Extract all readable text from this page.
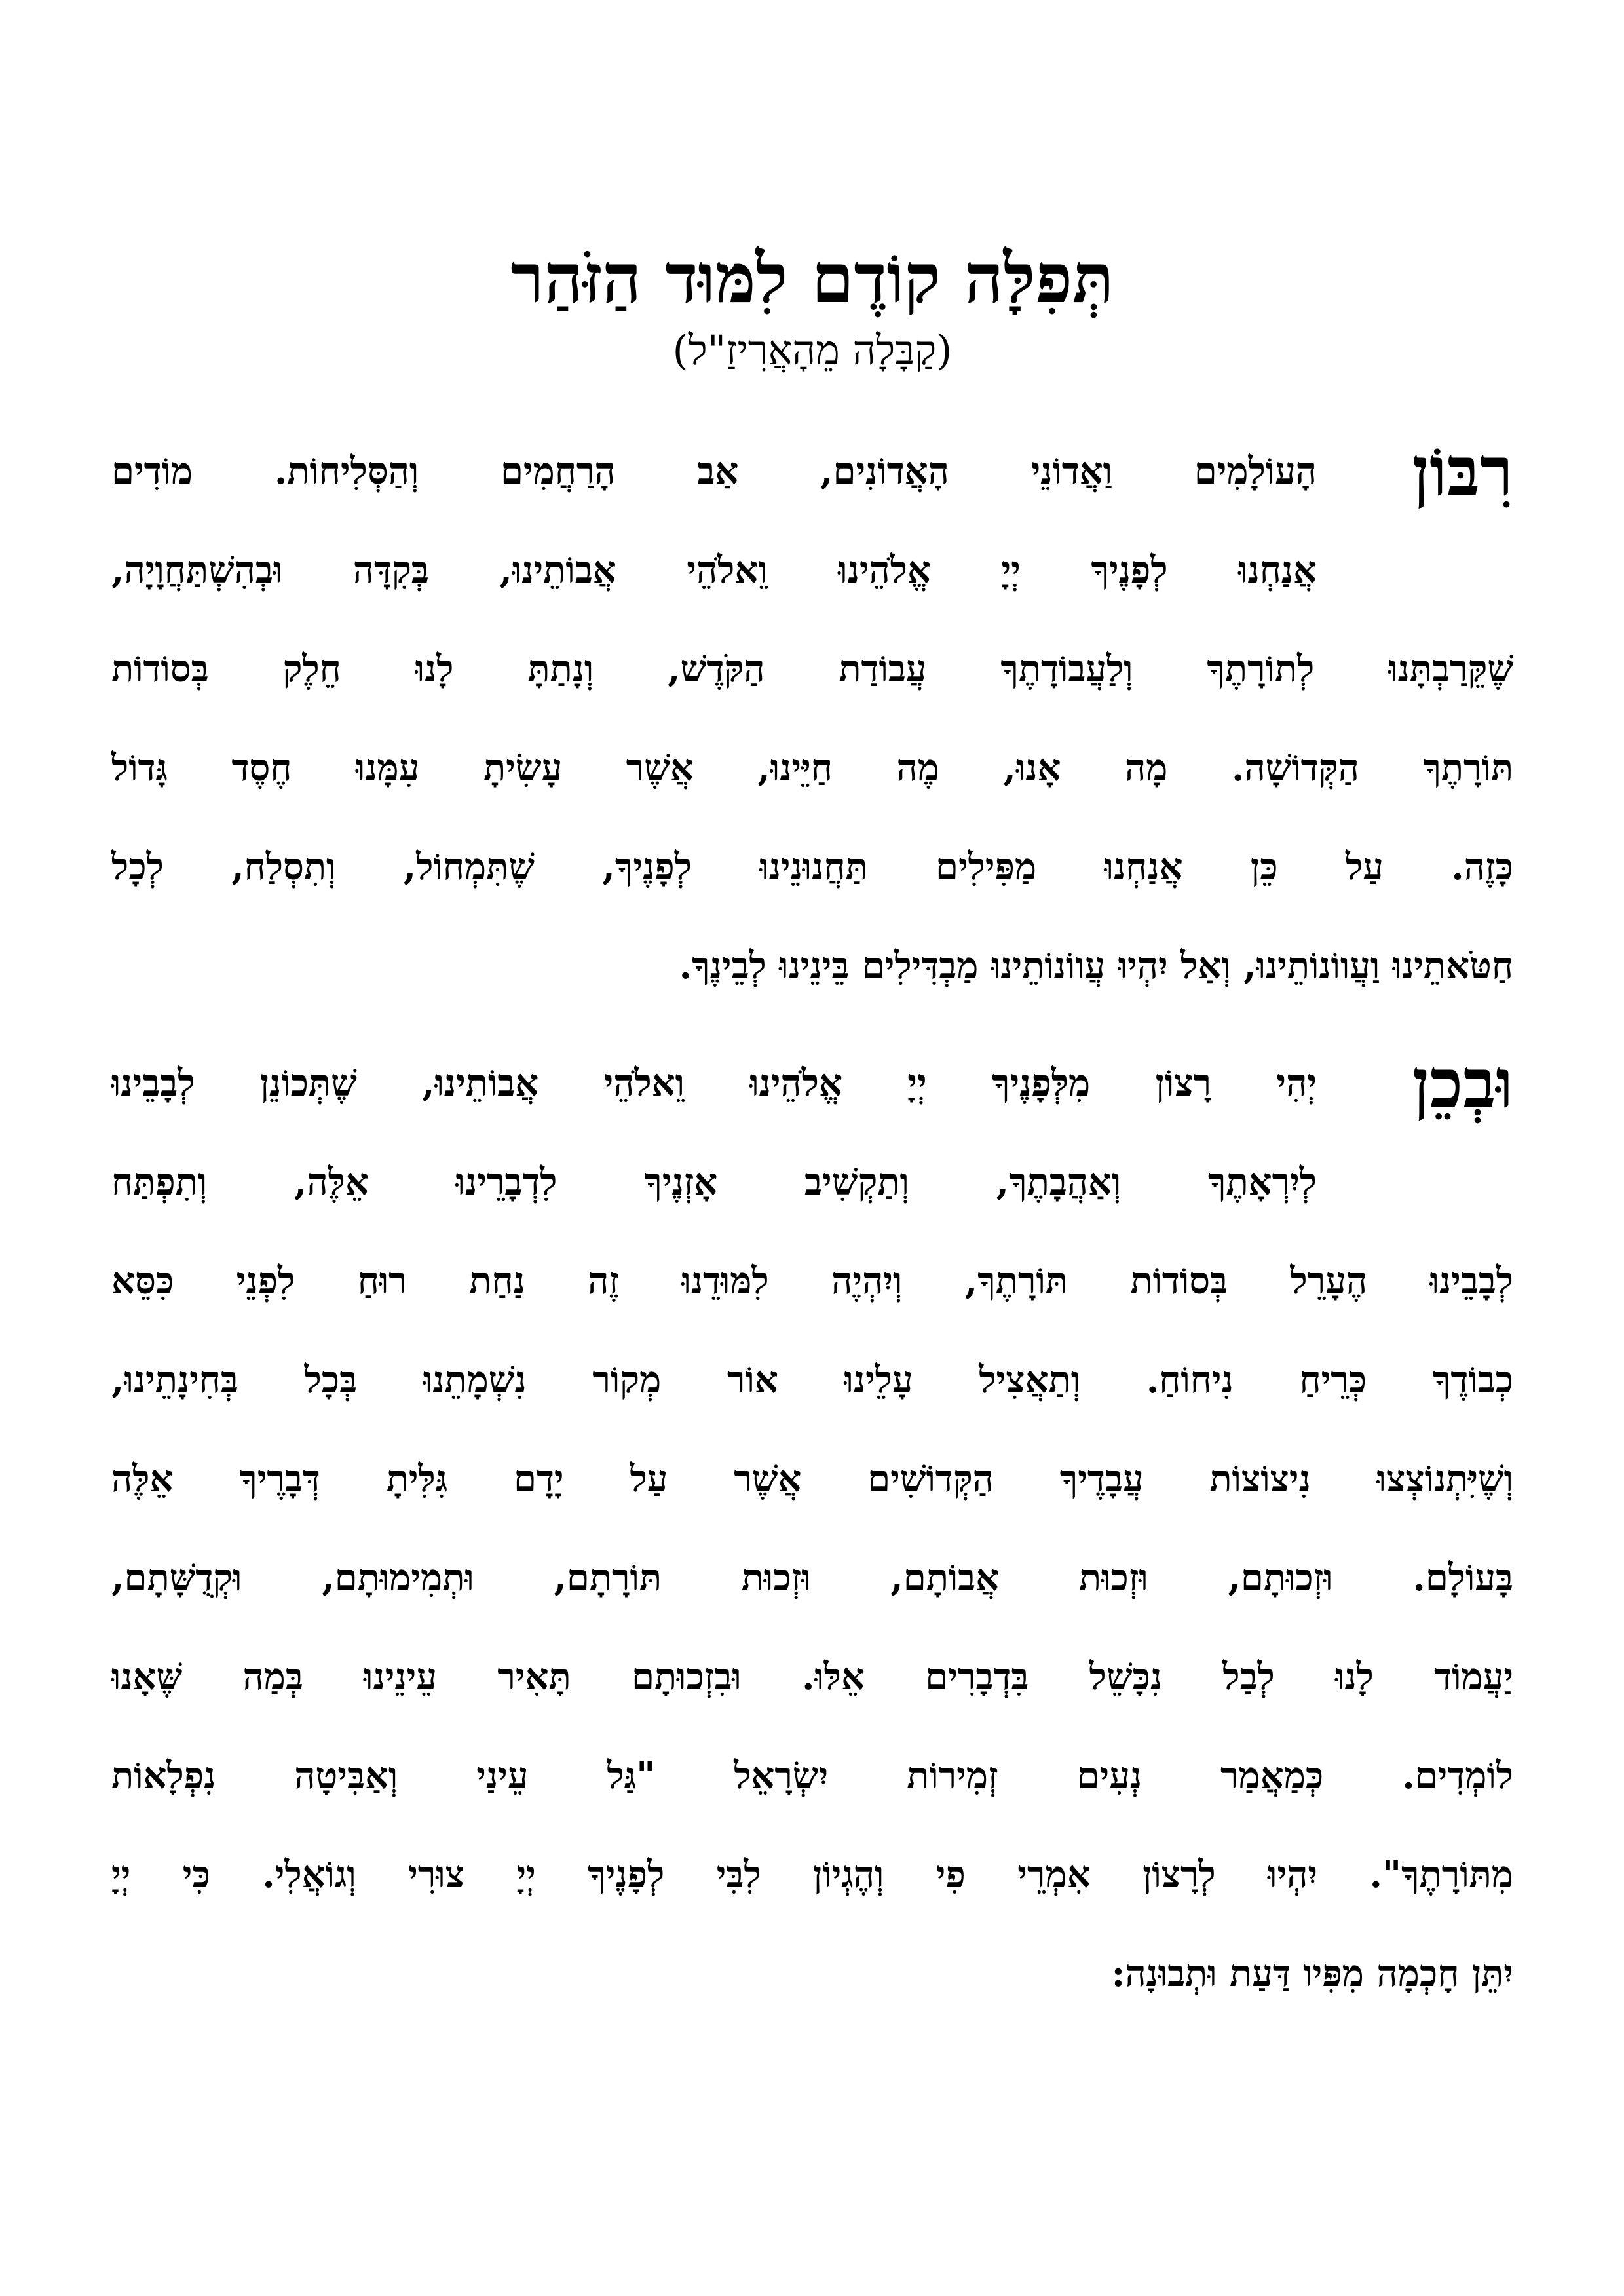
תְּפִלָּה קוֹדֶם לִמּוּד הַזֹּהַר
(קַבָּלָה מֵהָאֲרִיזַ"ל)
רִבּוֹן
הָעוֹלָמִים וַאֲדוֹנֵי הָאֲדוֹנִים, אַב הָרַחֲמִים וְהַסְּלִיחוֹת. מוֹדִים
אֲנַחְנוּ לְפָנֶיךָ יְיָ אֱלֹהֵינוּ וֵאלֹהֵי אֲבוֹתֵינוּ, בְּקִדָּה וּבְהִשְׁתַּחֲוָיָה,
שֶׁקֵּרַבְתָּנוּ לְתוֹרָתֶךָ וְלַעֲבוֹדָתֶךָ עֲבוֹדַת הַקֹּדֶשׁ, וְנָתַתָּ לָנוּ חֵלֶק בְּסוֹדוֹת
תּוֹרָתֶךָ הַקְּדוֹשָׁה. מָה אָנוּ, מֶה חַיֵּינוּ, אֲשֶׁר עָשִׂיתָ עִמָּנוּ חֶסֶד גָּדוֹל
כָּזֶה. עַל כֵּן אֲנַחְנוּ מַפִּילִים תַּחֲנוּנֵינוּ לְפָנֶיךָ, שֶׁתִּמְחוֹל, וְתִסְלַח, לְכָל
חַטֹּאתֵינוּ וַעֲווֹנוֹתֵינוּ, וְאַל יִהְיוּ עֲווֹנוֹתֵינוּ מַבְדִּילִים בֵּינֵינוּ לְבֵינֶךָ.
וּבְכֵן
יְהִי רָצוֹן מִלְּפָנֶיךָ יְיָ אֱלֹהֵינוּ וֵאלֹהֵי אֲבוֹתֵינוּ, שֶׁתְּכוֹנֵן לְבָבֵינוּ
לְיִרְאָתֶךָ וְאַהֲבָתֶךָ, וְתַקְשִׁיב אָזְנֶיךָ לִדְבָרֵינוּ אֵלֶּה, וְתִפְתַּח
לְבָבֵינוּ הֶעָרֵל בְּסוֹדוֹת תּוֹרָתֶךָ, וְיִהְיֶה לִמּוּדֵנוּ זֶה נַחַת רוּחַ לִפְנֵי כִּסֵּא
כְבוֹדֶךָ כְּרֵיחַ נִיחוֹחַ. וְתַאֲצִיל עָלֵינוּ אוֹר מְקוֹר נִשְׁמָתֵנוּ בְּכָל בְּחִינָתֵינוּ,
וְשֶׁיִּתְנוֹצְצוּ נִיצוֹצוֹת עֲבָדֶיךָ הַקְּדוֹשִׁים אֲשֶׁר עַל יָדָם גִּלִּיתָ דְּבָרֶיךָ אֵלֶּה
בָּעוֹלָם. וּזְכוּתָם, וּזְכוּת אֲבוֹתָם, וּזְכוּת תּוֹרָתָם, וּתְמִימוּתָם, וּקְדֻשָּׁתָם,
יַעֲמוֹד לָנוּ לְבַל נִכָּשֵׁל בִּדְבָרִים אֵלּוּ. וּבִזְכוּתָם תָּאִיר עֵינֵינוּ בְּמַה שֶּׁאָנוּ
לוֹמְדִים. כְּמַאֲמַר נְעִים זְמִירוֹת יִשְׂרָאֵל "גַּל עֵינַי וְאַבִּיטָה נִפְלָאוֹת
מִתּוֹרָתֶךָ". יִהְיוּ לְרָצוֹן אִמְרֵי פִי וְהֶגְיוֹן לִבִּי לְפָנֶיךָ יְיָ צוּרִי וְגוֹאֲלִי. כִּי יְיָ
יִתֵּן חָכְמָה מִפִּיו דַּעַת וּתְבוּנָה:
